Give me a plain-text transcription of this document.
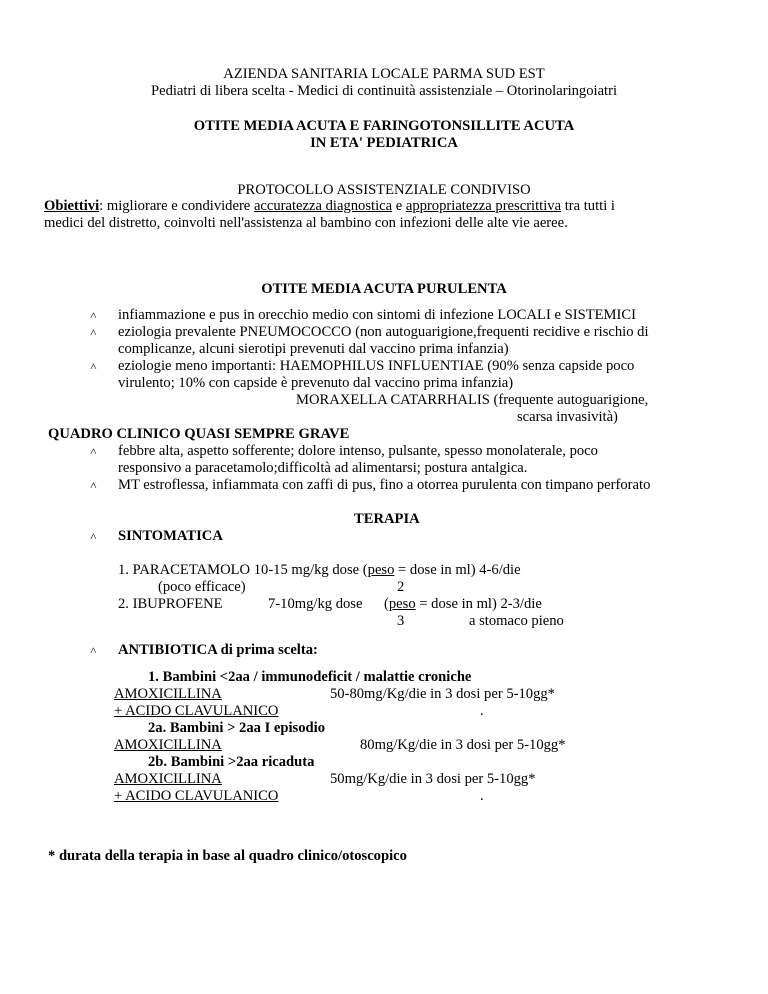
AZIENDA SANITARIA LOCALE PARMA SUD EST
Pediatri di libera scelta - Medici di continuità assistenziale – Otorinolaringoiatri
OTITE MEDIA ACUTA E FARINGOTONSILLITE ACUTA
IN ETA' PEDIATRICA
PROTOCOLLO ASSISTENZIALE CONDIVISO
Obiettivi: migliorare e condividere accuratezza diagnostica e appropriatezza prescrittiva tra tutti i
medici del distretto, coinvolti nell'assistenza al bambino con infezioni delle alte vie aeree.
OTITE MEDIA ACUTA PURULENTA
˄
infiammazione e pus in orecchio medio con sintomi di infezione LOCALI e SISTEMICI
˄
eziologia prevalente PNEUMOCOCCO (non autoguarigione,frequenti recidive e rischio di
complicanze, alcuni sierotipi prevenuti dal vaccino prima infanzia)
˄
eziologie meno importanti: HAEMOPHILUS INFLUENTIAE (90% senza capside poco
virulento; 10% con capside è prevenuto dal vaccino prima infanzia)
MORAXELLA CATARRHALIS (frequente autoguarigione,
scarsa invasività)
QUADRO CLINICO QUASI SEMPRE GRAVE
˄
febbre alta, aspetto sofferente; dolore intenso, pulsante, spesso monolaterale, poco
responsivo a paracetamolo;difficoltà ad alimentarsi; postura antalgica.
˄
MT estroflessa, infiammata con zaffi di pus, fino a otorrea purulenta con timpano perforato
TERAPIA
˄
SINTOMATICA
1. PARACETAMOLO 10-15 mg/kg dose (peso = dose in ml) 4-6/die
(poco efficace)	2
2. IBUPROFENE	7-10mg/kg dose (peso = dose in ml) 2-3/die
3	a stomaco pieno
˄
ANTIBIOTICA di prima scelta:
1. Bambini <2aa / immunodeficit / malattie croniche
AMOXICILLINA	50-80mg/Kg/die in 3 dosi per 5-10gg*
+ ACIDO CLAVULANICO	.
2a. Bambini > 2aa I episodio
AMOXICILLINA	80mg/Kg/die in 3 dosi per 5-10gg*
2b. Bambini >2aa ricaduta
AMOXICILLINA	50mg/Kg/die in 3 dosi per 5-10gg*
+ ACIDO CLAVULANICO	.
* durata della terapia in base al quadro clinico/otoscopico
